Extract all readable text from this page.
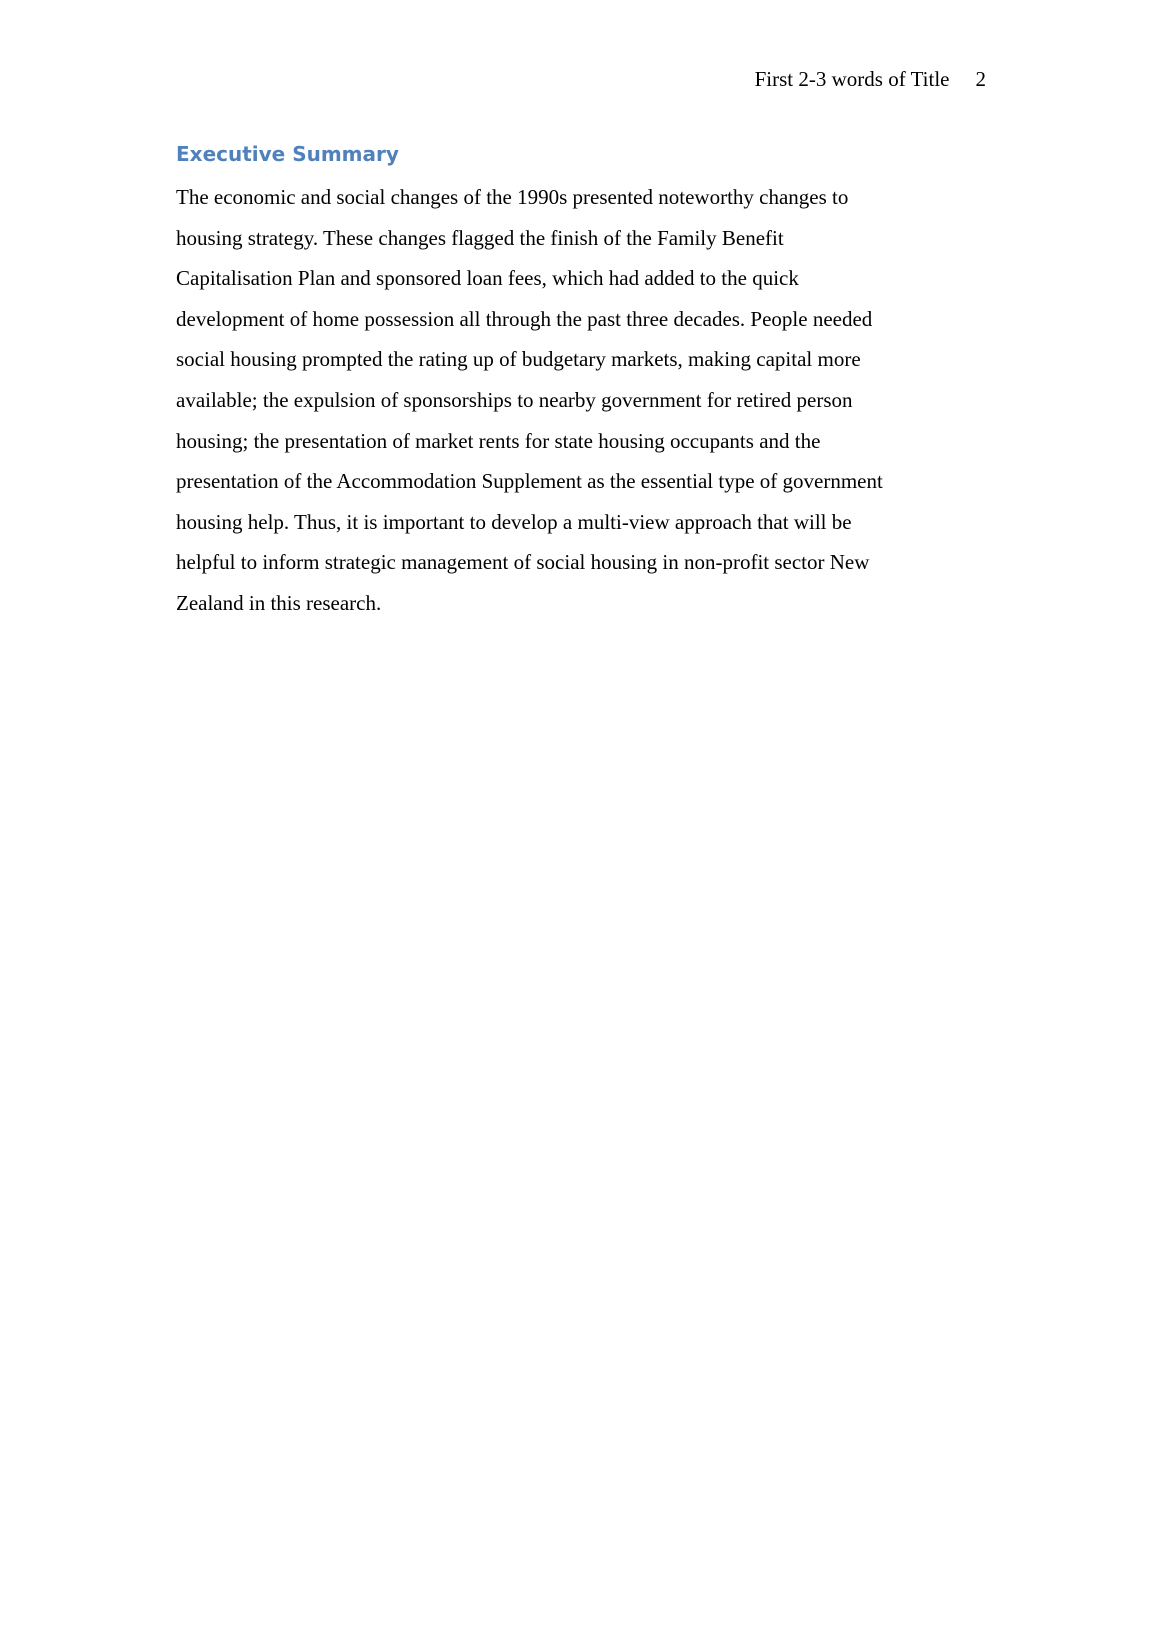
First 2-3 words of Title 2
Executive Summary

The economic and social changes of the 1990s presented noteworthy changes to
housing strategy. These changes flagged the finish of the Family Benefit
Capitalisation Plan and sponsored loan fees, which had added to the quick
development of home possession all through the past three decades. People needed
social housing prompted the rating up of budgetary markets, making capital more
available; the expulsion of sponsorships to nearby government for retired person
housing; the presentation of market rents for state housing occupants and the
presentation of the Accommodation Supplement as the essential type of government
housing help. Thus, it is important to develop a multi-view approach that will be
helpful to inform strategic management of social housing in non-profit sector New
Zealand in this research.
